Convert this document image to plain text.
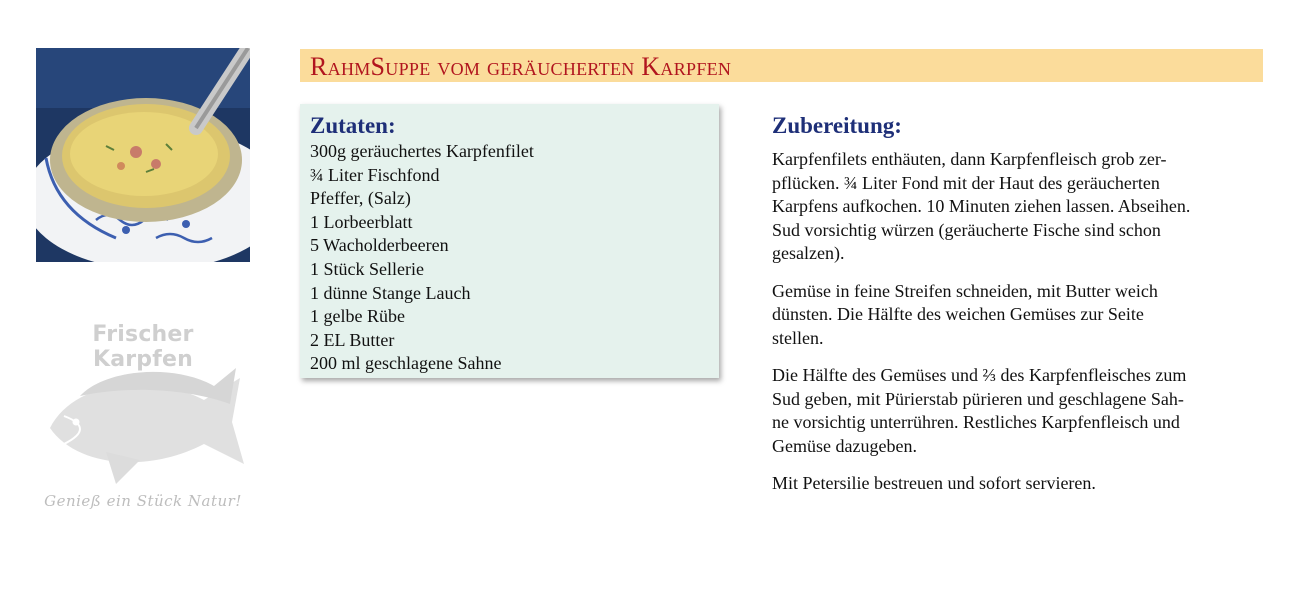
Frischer Karpfen

Genieß ein Stück Natur!

RahmSuppe vom geräucherten Karpfen
Zutaten:
300g geräuchertes Karpfenfilet
¾ Liter Fischfond
Pfeffer, (Salz)
1 Lorbeerblatt
5 Wacholderbeeren
1 Stück Sellerie
1 dünne Stange Lauch
1 gelbe Rübe
2 EL Butter
200 ml geschlagene Sahne
Zubereitung:

Karpfenfilets enthäuten, dann Karpfenfleisch grob zer-
pflücken. ¾ Liter Fond mit der Haut des geräucherten
Karpfens aufkochen. 10 Minuten ziehen lassen. Abseihen.
Sud vorsichtig würzen (geräucherte Fische sind schon
gesalzen).

Gemüse in feine Streifen schneiden, mit Butter weich
dünsten. Die Hälfte des weichen Gemüses zur Seite
stellen.

Die Hälfte des Gemüses und ⅔ des Karpfenfleisches zum
Sud geben, mit Pürierstab pürieren und geschlagene Sah-
ne vorsichtig unterrühren. Restliches Karpfenfleisch und
Gemüse dazugeben.

Mit Petersilie bestreuen und sofort servieren.
